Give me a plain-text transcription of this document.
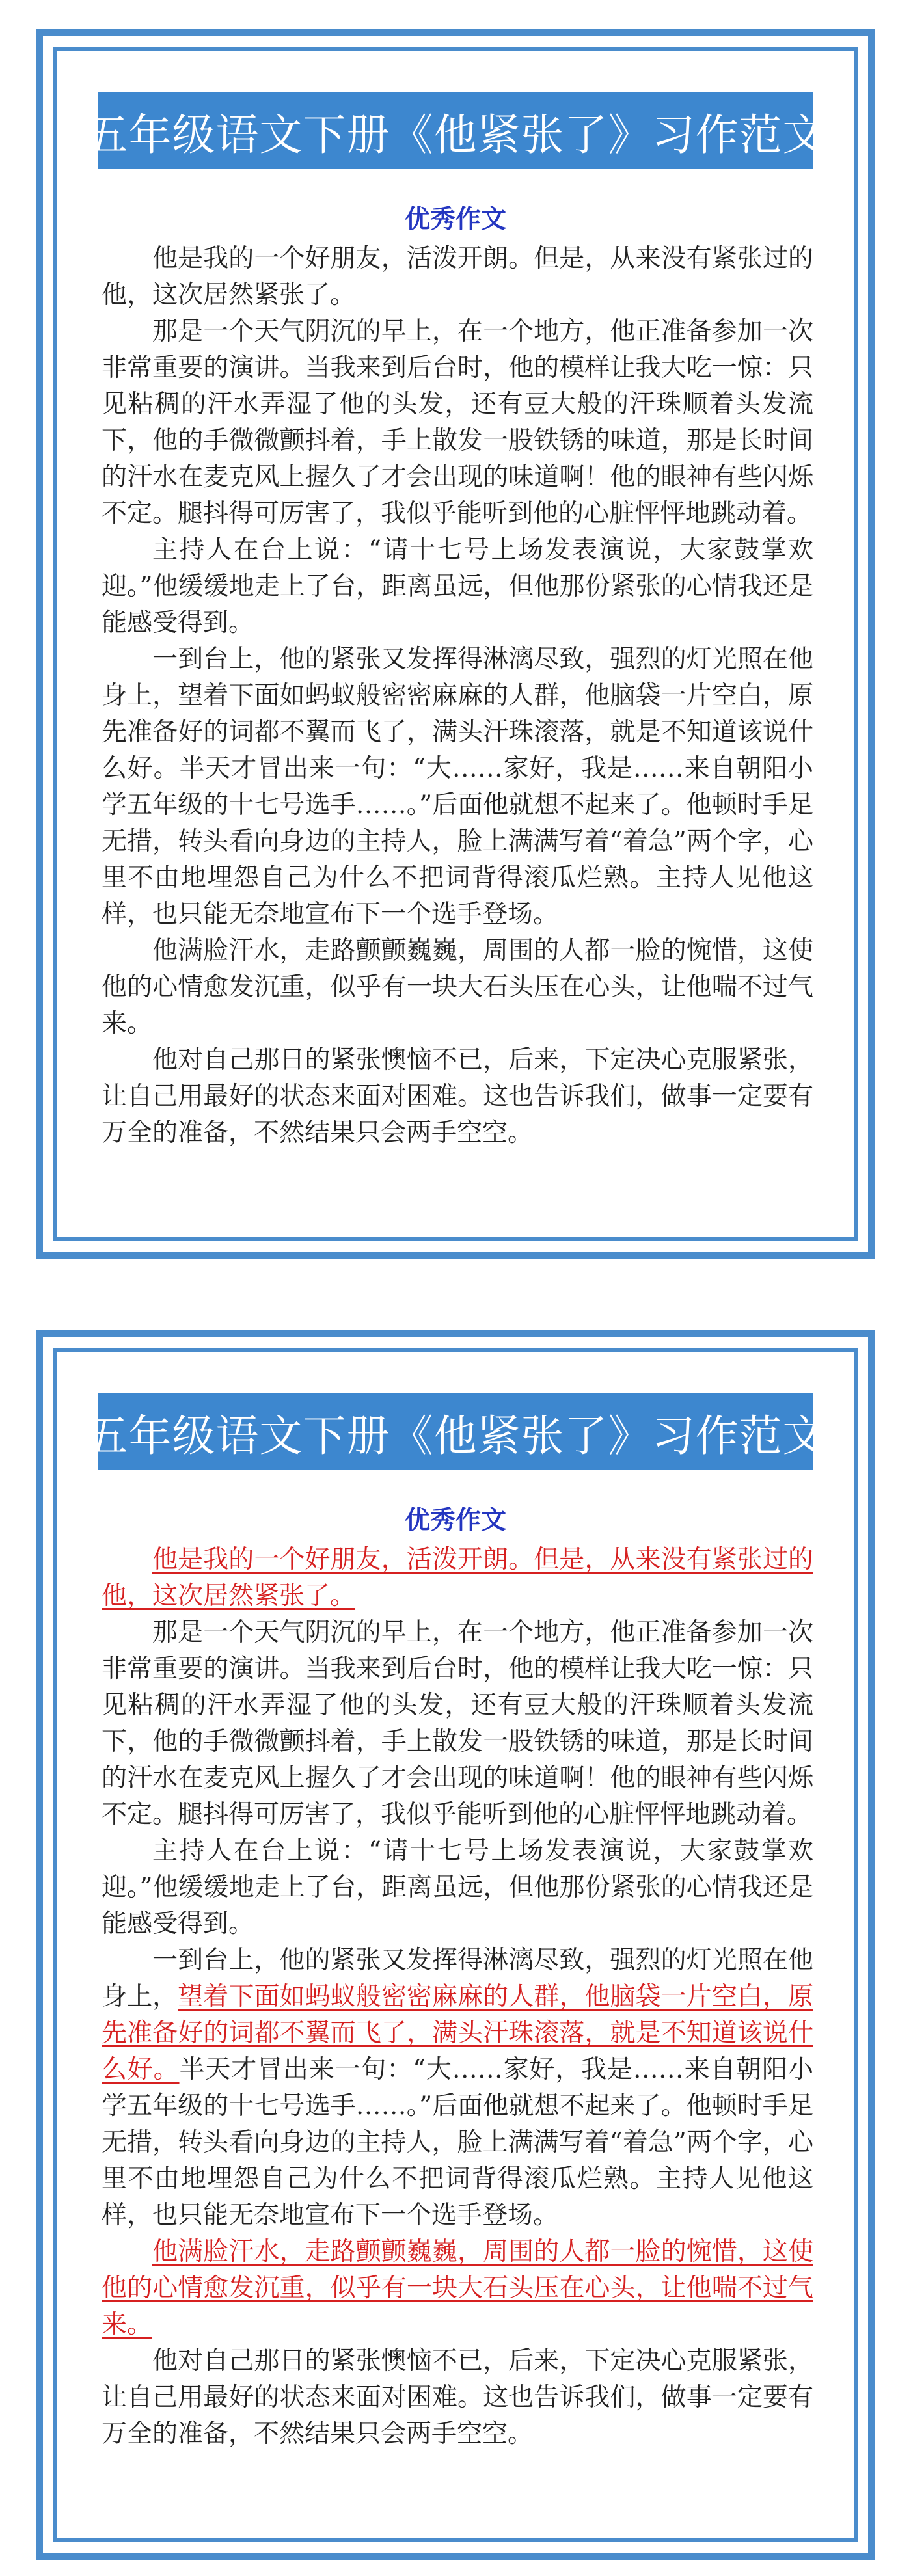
五年级语文下册《他紧张了》习作范文
优秀作文

他是我的一个好朋友，活泼开朗。但是，从来没有紧张过的他，这次居然紧张了。

那是一个天气阴沉的早上，在一个地方，他正准备参加一次非常重要的演讲。当我来到后台时，他的模样让我大吃一惊：只见粘稠的汗水弄湿了他的头发，还有豆大般的汗珠顺着头发流下，他的手微微颤抖着，手上散发一股铁锈的味道，那是长时间的汗水在麦克风上握久了才会出现的味道啊！他的眼神有些闪烁不定。腿抖得可厉害了，我似乎能听到他的心脏怦怦地跳动着。

主持人在台上说：“请十七号上场发表演说，大家鼓掌欢迎。”他缓缓地走上了台，距离虽远，但他那份紧张的心情我还是能感受得到。

一到台上，他的紧张又发挥得淋漓尽致，强烈的灯光照在他身上，望着下面如蚂蚁般密密麻麻的人群，他脑袋一片空白，原先准备好的词都不翼而飞了，满头汗珠滚落，就是不知道该说什么好。半天才冒出来一句：“大……家好，我是……来自朝阳小学五年级的十七号选手……。”后面他就想不起来了。他顿时手足无措，转头看向身边的主持人，脸上满满写着“着急”两个字，心里不由地埋怨自己为什么不把词背得滚瓜烂熟。主持人见他这样，也只能无奈地宣布下一个选手登场。

他满脸汗水，走路颤颤巍巍，周围的人都一脸的惋惜，这使他的心情愈发沉重，似乎有一块大石头压在心头，让他喘不过气来。

他对自己那日的紧张懊恼不已，后来，下定决心克服紧张，让自己用最好的状态来面对困难。这也告诉我们，做事一定要有万全的准备，不然结果只会两手空空。

五年级语文下册《他紧张了》习作范文
优秀作文

他是我的一个好朋友，活泼开朗。但是，从来没有紧张过的他，这次居然紧张了。

那是一个天气阴沉的早上，在一个地方，他正准备参加一次非常重要的演讲。当我来到后台时，他的模样让我大吃一惊：只见粘稠的汗水弄湿了他的头发，还有豆大般的汗珠顺着头发流下，他的手微微颤抖着，手上散发一股铁锈的味道，那是长时间的汗水在麦克风上握久了才会出现的味道啊！他的眼神有些闪烁不定。腿抖得可厉害了，我似乎能听到他的心脏怦怦地跳动着。

主持人在台上说：“请十七号上场发表演说，大家鼓掌欢迎。”他缓缓地走上了台，距离虽远，但他那份紧张的心情我还是能感受得到。

一到台上，他的紧张又发挥得淋漓尽致，强烈的灯光照在他身上，望着下面如蚂蚁般密密麻麻的人群，他脑袋一片空白，原先准备好的词都不翼而飞了，满头汗珠滚落，就是不知道该说什么好。半天才冒出来一句：“大……家好，我是……来自朝阳小学五年级的十七号选手……。”后面他就想不起来了。他顿时手足无措，转头看向身边的主持人，脸上满满写着“着急”两个字，心里不由地埋怨自己为什么不把词背得滚瓜烂熟。主持人见他这样，也只能无奈地宣布下一个选手登场。

他满脸汗水，走路颤颤巍巍，周围的人都一脸的惋惜，这使他的心情愈发沉重，似乎有一块大石头压在心头，让他喘不过气来。

他对自己那日的紧张懊恼不已，后来，下定决心克服紧张，让自己用最好的状态来面对困难。这也告诉我们，做事一定要有万全的准备，不然结果只会两手空空。
